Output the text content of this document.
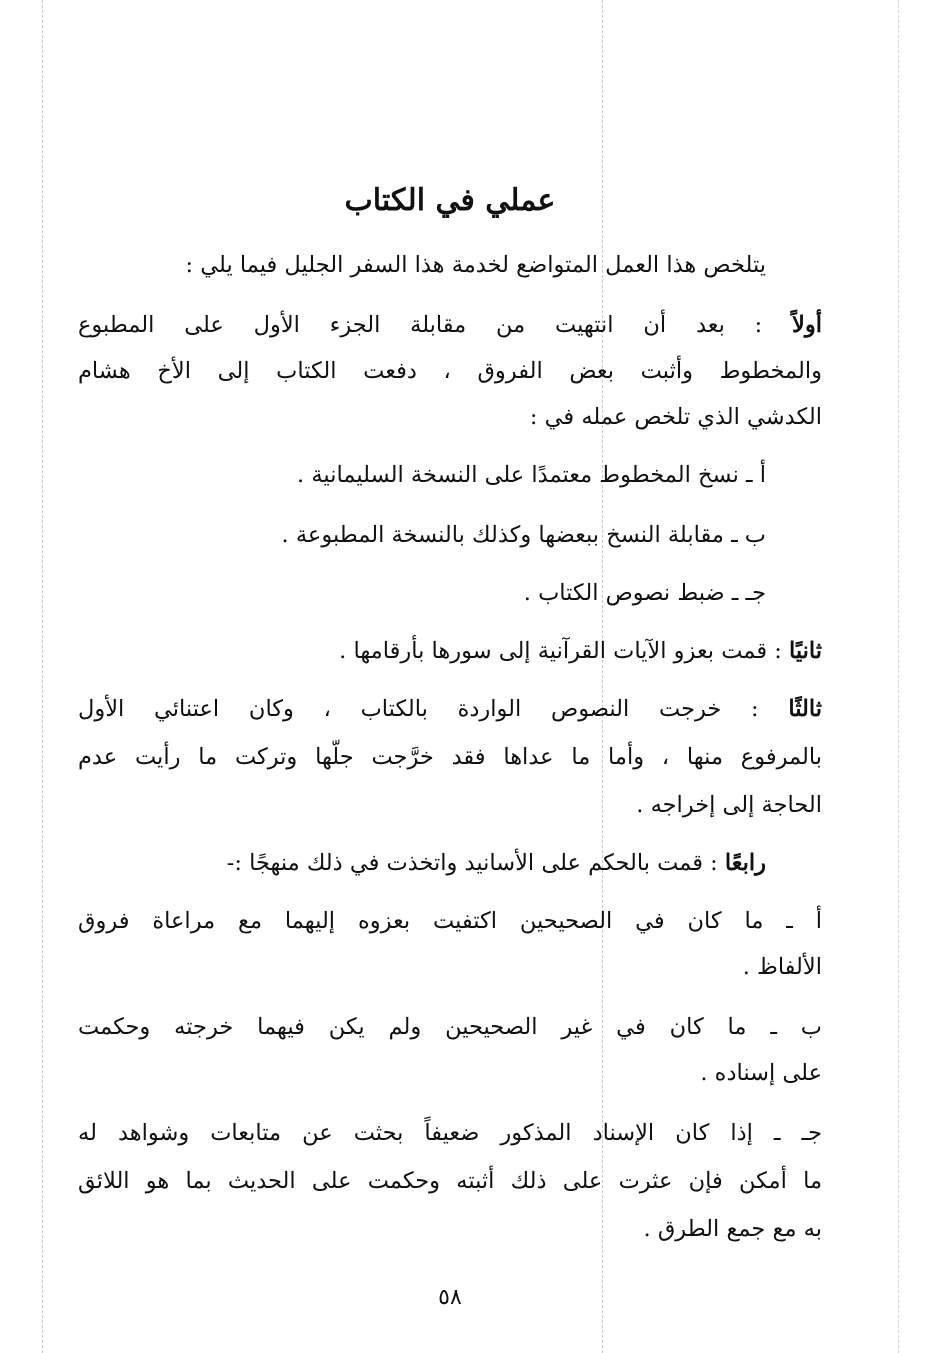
عملي في الكتاب
يتلخص هذا العمل المتواضع لخدمة هذا السفر الجليل فيما يلي :
أولاً : بعد أن انتهيت من مقابلة الجزء الأول على المطبوع
والمخطوط وأثبت بعض الفروق ، دفعت الكتاب إلى الأخ هشام
الكدشي الذي تلخص عمله في :
أ ـ نسخ المخطوط معتمدًا على النسخة السليمانية .
ب ـ مقابلة النسخ ببعضها وكذلك بالنسخة المطبوعة .
جـ ـ ضبط نصوص الكتاب .
ثانيًا : قمت بعزو الآيات القرآنية إلى سورها بأرقامها .
ثالثًا : خرجت النصوص الواردة بالكتاب ، وكان اعتنائي الأول
بالمرفوع منها ، وأما ما عداها فقد خرَّجت جلّها وتركت ما رأيت عدم
الحاجة إلى إخراجه .
رابعًا : قمت بالحكم على الأسانيد واتخذت في ذلك منهجًا :-
أ ـ ما كان في الصحيحين اكتفيت بعزوه إليهما مع مراعاة فروق
الألفاظ .
ب ـ ما كان في غير الصحيحين ولم يكن فيهما خرجته وحكمت
على إسناده .
جـ ـ إذا كان الإسناد المذكور ضعيفاً بحثت عن متابعات وشواهد له
ما أمكن فإن عثرت على ذلك أثبته وحكمت على الحديث بما هو اللائق
به مع جمع الطرق .
٥٨
